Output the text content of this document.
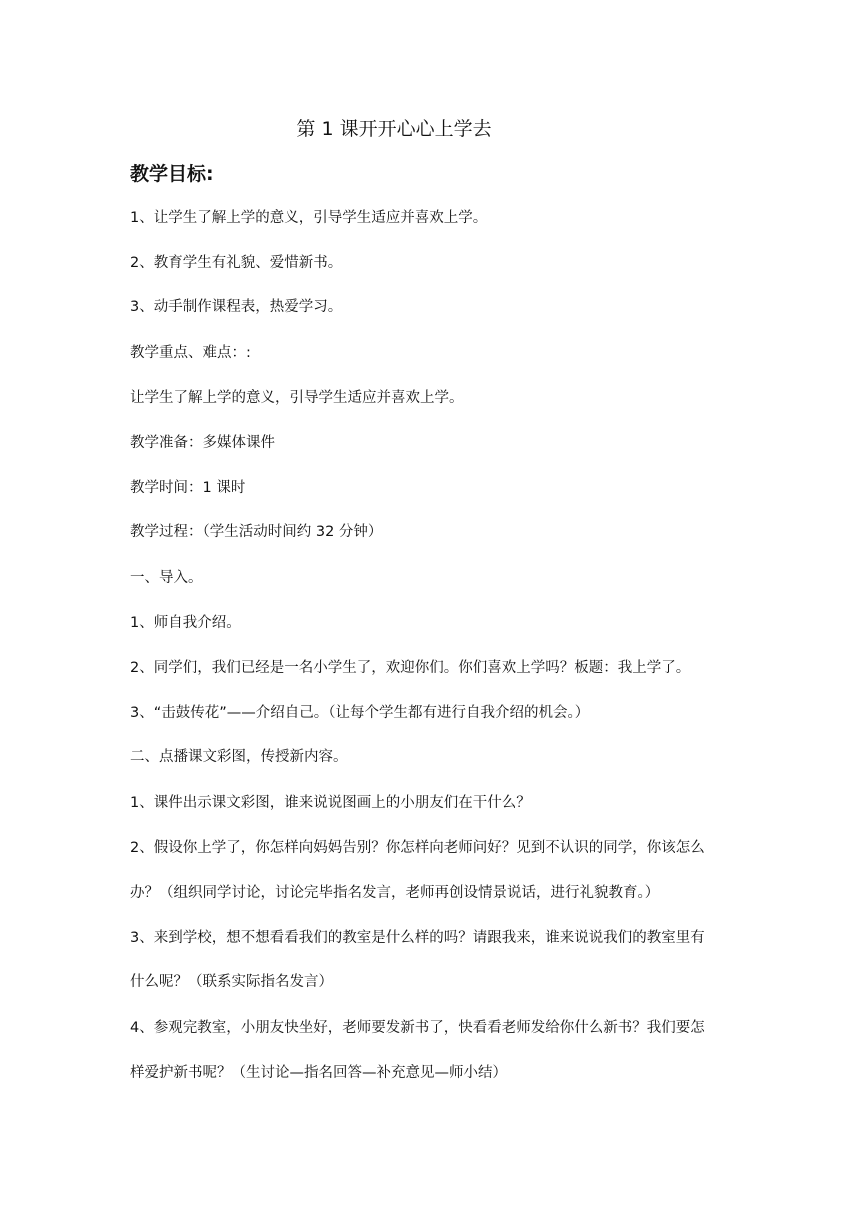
第 1 课开开心心上学去
教学目标:

1、让学生了解上学的意义，引导学生适应并喜欢上学。

2、教育学生有礼貌、爱惜新书。

3、动手制作课程表，热爱学习。

教学重点、难点：:

让学生了解上学的意义，引导学生适应并喜欢上学。

教学准备：多媒体课件

教学时间：1 课时

教学过程：（学生活动时间约 32 分钟）

一、导入。

1、师自我介绍。

2、同学们，我们已经是一名小学生了，欢迎你们。你们喜欢上学吗？板题：我上学了。

3、“击鼓传花”——介绍自己。（让每个学生都有进行自我介绍的机会。）

二、点播课文彩图，传授新内容。

1、课件出示课文彩图，谁来说说图画上的小朋友们在干什么？

2、假设你上学了，你怎样向妈妈告别？你怎样向老师问好？见到不认识的同学，你该怎么

办？（组织同学讨论，讨论完毕指名发言，老师再创设情景说话，进行礼貌教育。）

3、来到学校，想不想看看我们的教室是什么样的吗？请跟我来，谁来说说我们的教室里有

什么呢？（联系实际指名发言）

4、参观完教室，小朋友快坐好，老师要发新书了，快看看老师发给你什么新书？我们要怎

样爱护新书呢？（生讨论—指名回答—补充意见—师小结）
